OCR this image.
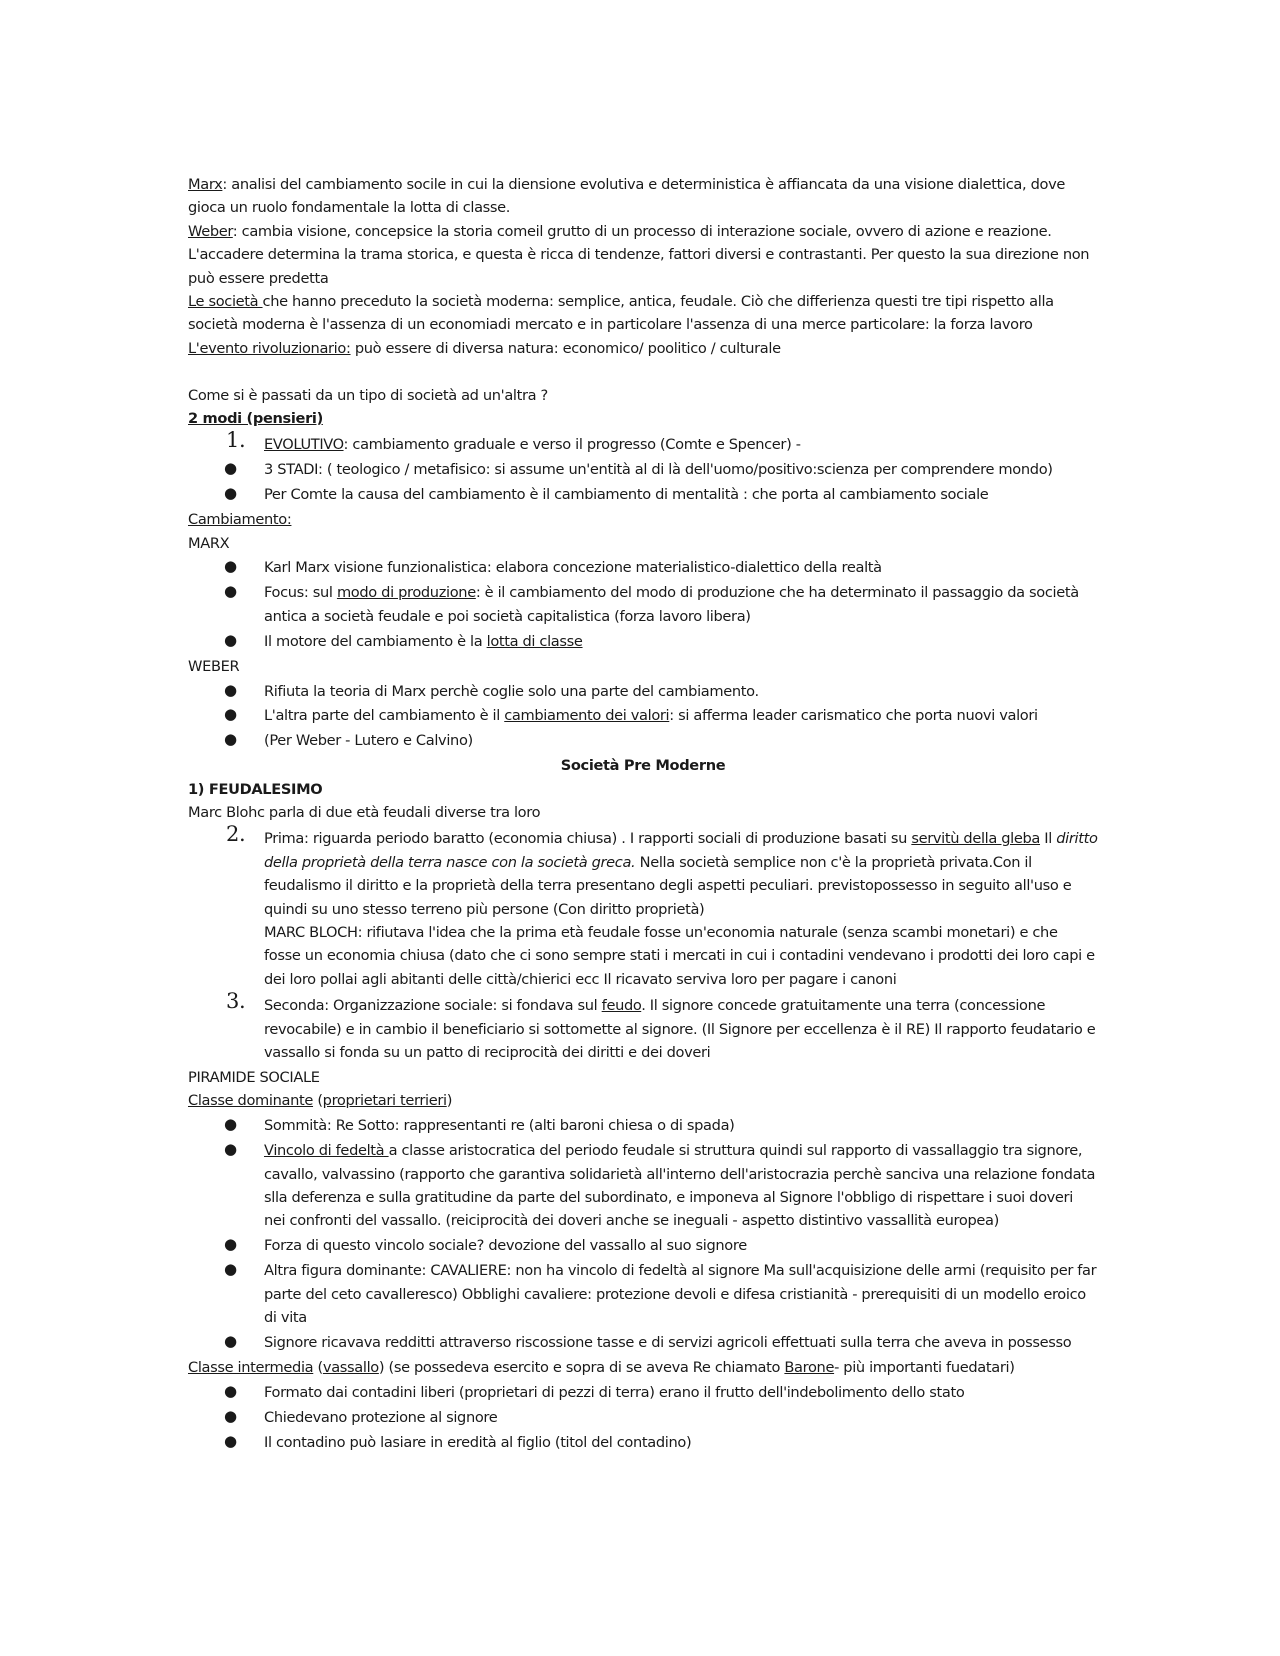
Marx: analisi del cambiamento socile in cui la diensione evolutiva e deterministica è affiancata da una visione dialettica, dove gioca un ruolo fondamentale la lotta di classe.

Weber: cambia visione, concepsice la storia comeil grutto di un processo di interazione sociale, ovvero di azione e reazione.

L'accadere determina la trama storica, e questa è ricca di tendenze, fattori diversi e contrastanti. Per questo la sua direzione non può essere predetta

Le società che hanno preceduto la società moderna: semplice, antica, feudale. Ciò che differienza questi tre tipi rispetto alla società moderna è l'assenza di un economiadi mercato e in particolare l'assenza di una merce particolare: la forza lavoro

L'evento rivoluzionario: può essere di diversa natura: economico/ poolitico / culturale

Come si è passati da un tipo di società ad un'altra ?

2 modi (pensieri)

1. EVOLUTIVO: cambiamento graduale e verso il progresso (Comte e Spencer) -
● 3 STADI: ( teologico / metafisico: si assume un'entità al di là dell'uomo/positivo:scienza per comprendere mondo)
● Per Comte la causa del cambiamento è il cambiamento di mentalità : che porta al cambiamento sociale

Cambiamento:

MARX

● Karl Marx visione funzionalistica: elabora concezione materialistico-dialettico della realtà
● Focus: sul modo di produzione: è il cambiamento del modo di produzione che ha determinato il passaggio da società antica a società feudale e poi società capitalistica (forza lavoro libera)
● Il motore del cambiamento è la lotta di classe

WEBER

● Rifiuta la teoria di Marx perchè coglie solo una parte del cambiamento.
● L'altra parte del cambiamento è il cambiamento dei valori: si afferma leader carismatico che porta nuovi valori
● (Per Weber - Lutero e Calvino)

Società Pre Moderne

1) FEUDALESIMO

Marc Blohc parla di due età feudali diverse tra loro

2. Prima: riguarda periodo baratto (economia chiusa) . I rapporti sociali di produzione basati su servitù della gleba Il diritto della proprietà della terra nasce con la società greca. Nella società semplice non c'è la proprietà privata.Con il feudalismo il diritto e la proprietà della terra presentano degli aspetti peculiari. previstopossesso in seguito all'uso e quindi su uno stesso terreno più persone (Con diritto proprietà)
MARC BLOCH: rifiutava l'idea che la prima età feudale fosse un'economia naturale (senza scambi monetari) e che fosse un economia chiusa (dato che ci sono sempre stati i mercati in cui i contadini vendevano i prodotti dei loro capi e dei loro pollai agli abitanti delle città/chierici ecc Il ricavato serviva loro per pagare i canoni
3. Seconda: Organizzazione sociale: si fondava sul feudo. Il signore concede gratuitamente una terra (concessione revocabile) e in cambio il beneficiario si sottomette al signore. (Il Signore per eccellenza è il RE) Il rapporto feudatario e vassallo si fonda su un patto di reciprocità dei diritti e dei doveri

PIRAMIDE SOCIALE

Classe dominante (proprietari terrieri)

● Sommità: Re Sotto: rappresentanti re (alti baroni chiesa o di spada)
● Vincolo di fedeltà a classe aristocratica del periodo feudale si struttura quindi sul rapporto di vassallaggio tra signore, cavallo, valvassino (rapporto che garantiva solidarietà all'interno dell'aristocrazia perchè sanciva una relazione fondata slla deferenza e sulla gratitudine da parte del subordinato, e imponeva al Signore l'obbligo di rispettare i suoi doveri nei confronti del vassallo. (reiciprocità dei doveri anche se ineguali - aspetto distintivo vassallità europea)
● Forza di questo vincolo sociale? devozione del vassallo al suo signore
● Altra figura dominante: CAVALIERE: non ha vincolo di fedeltà al signore Ma sull'acquisizione delle armi (requisito per far parte del ceto cavalleresco) Obblighi cavaliere: protezione devoli e difesa cristianità - prerequisiti di un modello eroico di vita
● Signore ricavava redditti attraverso riscossione tasse e di servizi agricoli effettuati sulla terra che aveva in possesso

Classe intermedia (vassallo) (se possedeva esercito e sopra di se aveva Re chiamato Barone- più importanti fuedatari)

● Formato dai contadini liberi (proprietari di pezzi di terra) erano il frutto dell'indebolimento dello stato
● Chiedevano protezione al signore
● Il contadino può lasiare in eredità al figlio (titol del contadino)
